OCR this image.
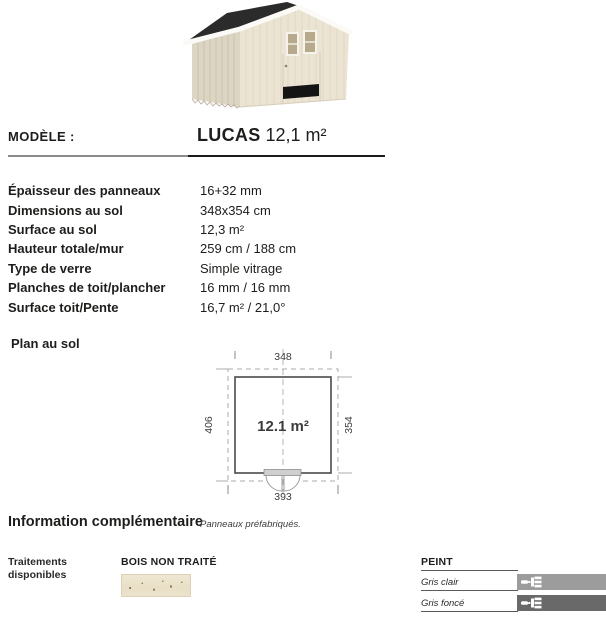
MODÈLE :	LUCAS 12,1 m²
Épaisseur des panneaux	16+32 mm
Dimensions au sol	348x354 cm
Surface au sol	12,3 m²
Hauteur totale/mur	259 cm / 188 cm
Type de verre	Simple vitrage
Planches de toit/plancher	16 mm / 16 mm
Surface toit/Pente	16,7 m² / 21,0°
Plan au sol
348
393
406	354
12.1 m²
Information complémentaire
Panneaux préfabriqués.
Traitements
disponibles
BOIS NON TRAITÉ	PEINT
Gris clair
Gris foncé
